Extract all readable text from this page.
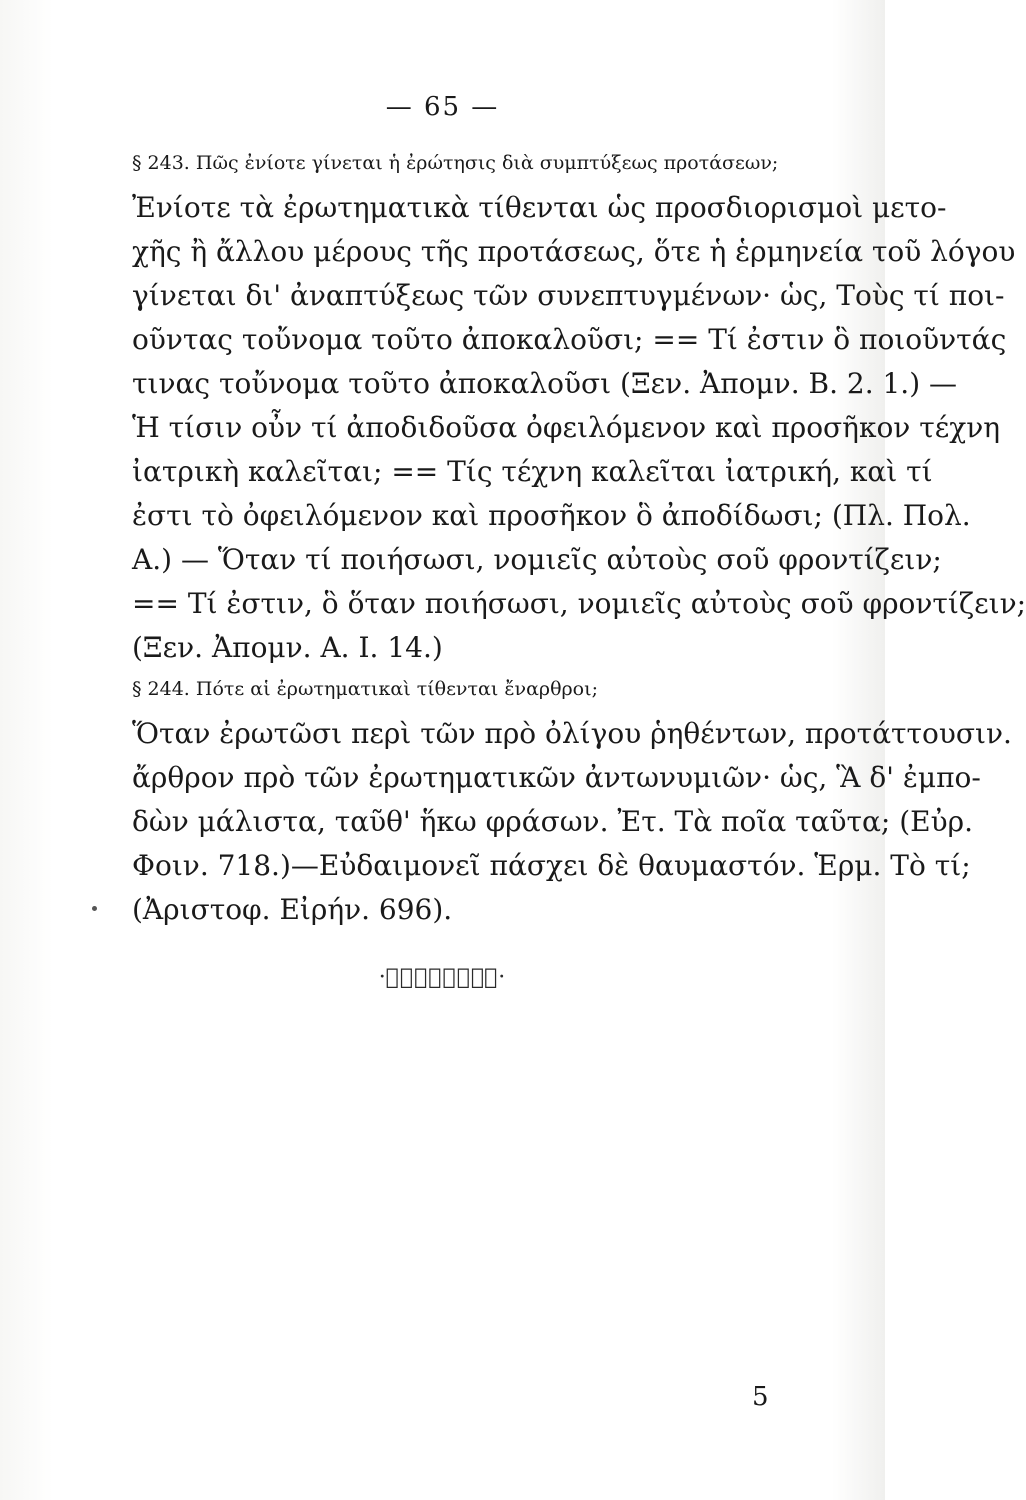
— 65 —
§ 243. Πῶς ἐνίοτε γίνεται ἡ ἐρώτησις διὰ συμπτύξεως προτάσεων;
Ἐνίοτε τὰ ἐρωτηματικὰ τίθενται ὡς προσδιορισμοὶ μετο-
χῆς ἢ ἄλλου μέρους τῆς προτάσεως, ὅτε ἡ ἑρμηνεία τοῦ λόγου
γίνεται δι' ἀναπτύξεως τῶν συνεπτυγμένων· ὡς, Τοὺς τί ποι-
οῦντας τοὔνομα τοῦτο ἀποκαλοῦσι; == Τί ἐστιν ὃ ποιοῦντάς
τινας τοὔνομα τοῦτο ἀποκαλοῦσι (Ξεν. Ἀπομν. Β. 2. 1.) —
Ἡ τίσιν οὖν τί ἀποδιδοῦσα ὀφειλόμενον καὶ προσῆκον τέχνη
ἰατρικὴ καλεῖται; == Τίς τέχνη καλεῖται ἰατρική, καὶ τί
ἐστι τὸ ὀφειλόμενον καὶ προσῆκον ὃ ἀποδίδωσι; (Πλ. Πολ.
Α.) — Ὅταν τί ποιήσωσι, νομιεῖς αὐτοὺς σοῦ φροντίζειν;
== Τί ἐστιν, ὃ ὅταν ποιήσωσι, νομιεῖς αὐτοὺς σοῦ φροντίζειν;
(Ξεν. Ἀπομν. Α. Ι. 14.)
§ 244. Πότε αἱ ἐρωτηματικαὶ τίθενται ἔναρθροι;
Ὅταν ἐρωτῶσι περὶ τῶν πρὸ ὀλίγου ῥηθέντων, προτάττουσιν.
ἄρθρον πρὸ τῶν ἐρωτηματικῶν ἀντωνυμιῶν· ὡς, Ἃ δ' ἐμπο-
δὼν μάλιστα, ταῦθ' ἥκω φράσων. Ἐτ. Τὰ ποῖα ταῦτα; (Εὐρ.
Φοιν. 718.)—Εὐδαιμονεῖ πάσχει δὲ θαυμαστόν. Ἑρμ. Τὸ τί;
(Ἀριστοφ. Εἰρήν. 696).
·ঃ≋≋⌸⌸≋≋ঃ·
5
